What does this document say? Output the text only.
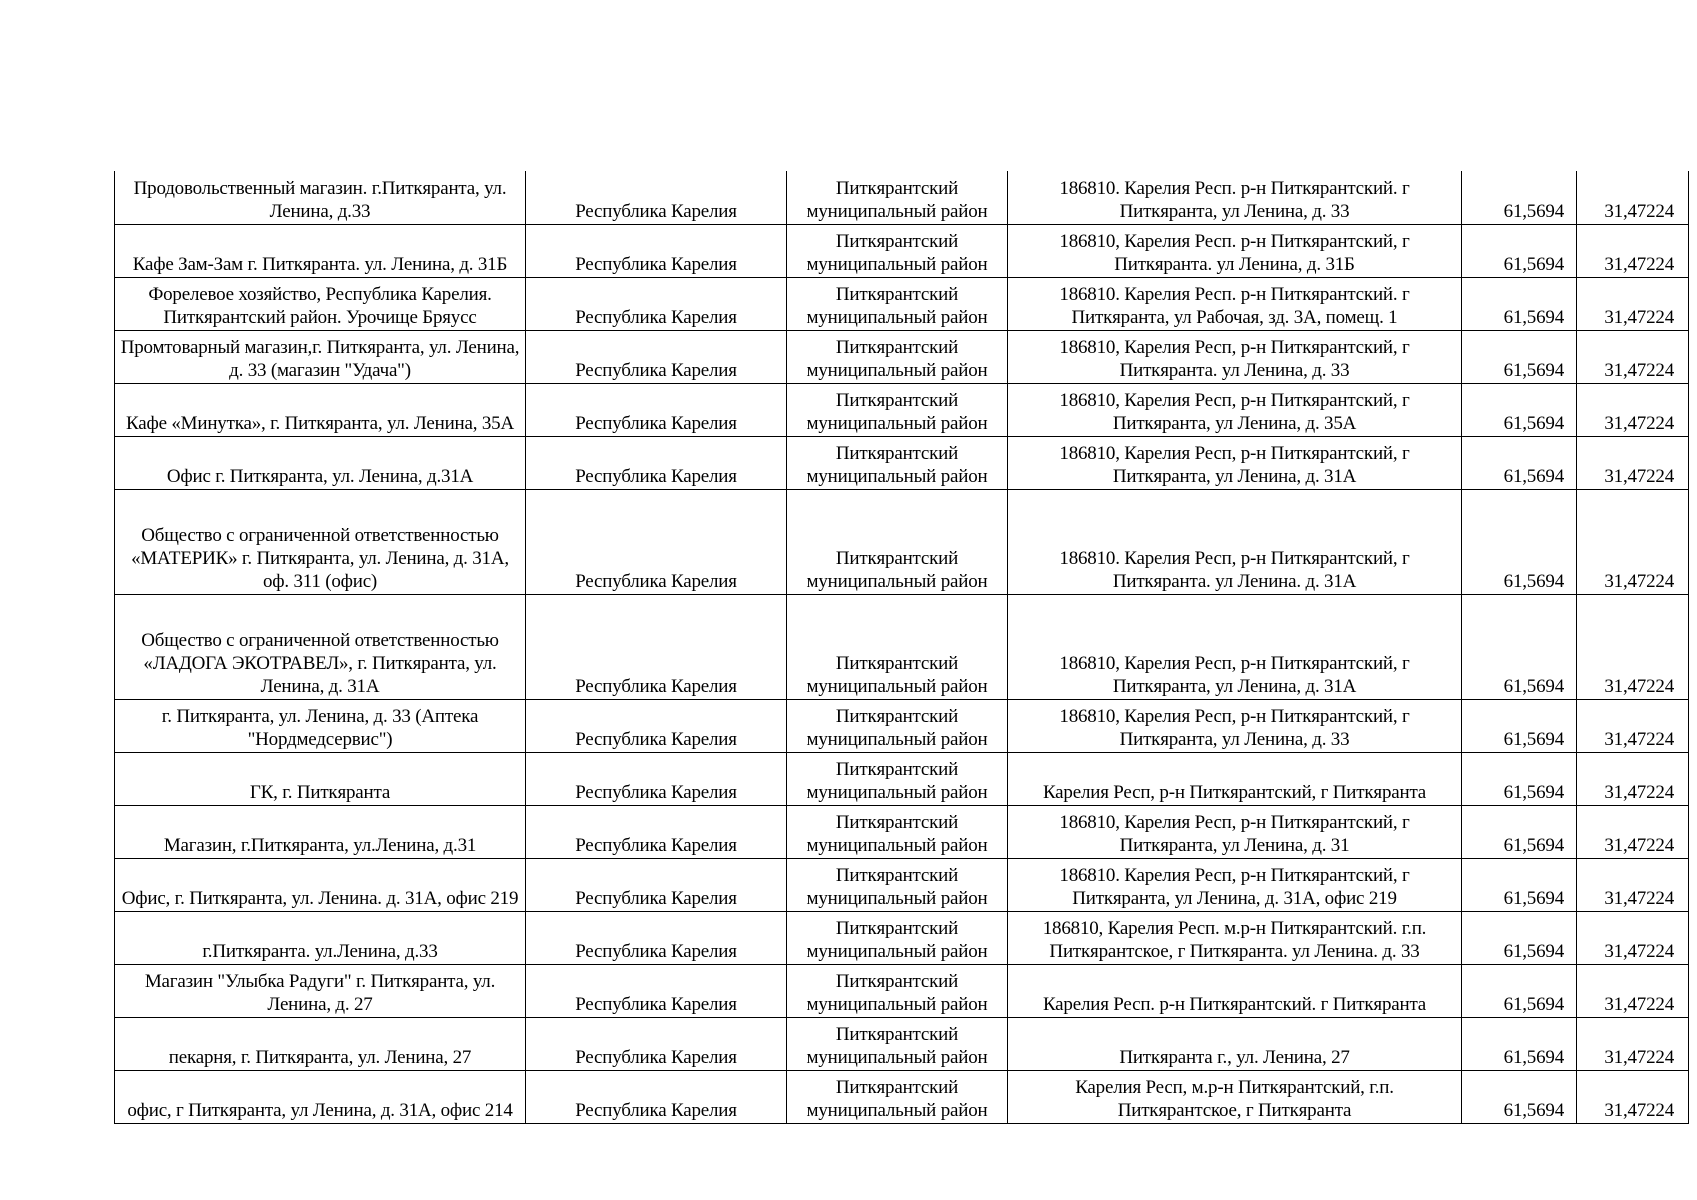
Продовольственный магазин. г.Питкяранта, ул. Ленина, д.33	Республика Карелия	Питкярантский муниципальный район	186810. Карелия Респ. р-н Питкярантский. г Питкяранта, ул Ленина, д. 33	61,5694	31,47224
Кафе Зам-Зам г. Питкяранта. ул. Ленина, д. 31Б	Республика Карелия	Питкярантский муниципальный район	186810, Карелия Респ. р-н Питкярантский, г Питкяранта. ул Ленина, д. 31Б	61,5694	31,47224
Форелевое хозяйство, Республика Карелия. Питкярантский район. Урочище Бряусс	Республика Карелия	Питкярантский муниципальный район	186810. Карелия Респ. р-н Питкярантский. г Питкяранта, ул Рабочая, зд. 3А, помещ. 1	61,5694	31,47224
Промтоварный магазин,г. Питкяранта, ул. Ленина, д. 33 (магазин "Удача")	Республика Карелия	Питкярантский муниципальный район	186810, Карелия Респ, р-н Питкярантский, г Питкяранта. ул Ленина, д. 33	61,5694	31,47224
Кафе «Минутка», г. Питкяранта, ул. Ленина, 35А	Республика Карелия	Питкярантский муниципальный район	186810, Карелия Респ, р-н Питкярантский, г Питкяранта, ул Ленина, д. 35А	61,5694	31,47224
Офис г. Питкяранта, ул. Ленина, д.31А	Республика Карелия	Питкярантский муниципальный район	186810, Карелия Респ, р-н Питкярантский, г Питкяранта, ул Ленина, д. 31А	61,5694	31,47224
Общество с ограниченной ответственностью «МАТЕРИК» г. Питкяранта, ул. Ленина, д. 31А, оф. 311 (офис)	Республика Карелия	Питкярантский муниципальный район	186810. Карелия Респ, р-н Питкярантский, г Питкяранта. ул Ленина. д. 31А	61,5694	31,47224
Общество с ограниченной ответственностью «ЛАДОГА ЭКОТРАВЕЛ», г. Питкяранта, ул. Ленина, д. 31А	Республика Карелия	Питкярантский муниципальный район	186810, Карелия Респ, р-н Питкярантский, г Питкяранта, ул Ленина, д. 31А	61,5694	31,47224
г. Питкяранта, ул. Ленина, д. 33 (Аптека "Нордмедсервис")	Республика Карелия	Питкярантский муниципальный район	186810, Карелия Респ, р-н Питкярантский, г Питкяранта, ул Ленина, д. 33	61,5694	31,47224
ГК, г. Питкяранта	Республика Карелия	Питкярантский муниципальный район	Карелия Респ, р-н Питкярантский, г Питкяранта	61,5694	31,47224
Магазин, г.Питкяранта, ул.Ленина, д.31	Республика Карелия	Питкярантский муниципальный район	186810, Карелия Респ, р-н Питкярантский, г Питкяранта, ул Ленина, д. 31	61,5694	31,47224
Офис, г. Питкяранта, ул. Ленина. д. 31А, офис 219	Республика Карелия	Питкярантский муниципальный район	186810. Карелия Респ, р-н Питкярантский, г Питкяранта, ул Ленина, д. 31А, офис 219	61,5694	31,47224
г.Питкяранта. ул.Ленина, д.33	Республика Карелия	Питкярантский муниципальный район	186810, Карелия Респ. м.р-н Питкярантский. г.п. Питкярантское, г Питкяранта. ул Ленина. д. 33	61,5694	31,47224
Магазин "Улыбка Радуги" г. Питкяранта, ул. Ленина, д. 27	Республика Карелия	Питкярантский муниципальный район	Карелия Респ. р-н Питкярантский. г Питкяранта	61,5694	31,47224
пекарня, г. Питкяранта, ул. Ленина, 27	Республика Карелия	Питкярантский муниципальный район	Питкяранта г., ул. Ленина, 27	61,5694	31,47224
офис, г Питкяранта, ул Ленина, д. 31А, офис 214	Республика Карелия	Питкярантский муниципальный район	Карелия Респ, м.р-н Питкярантский, г.п. Питкярантское, г Питкяранта	61,5694	31,47224
